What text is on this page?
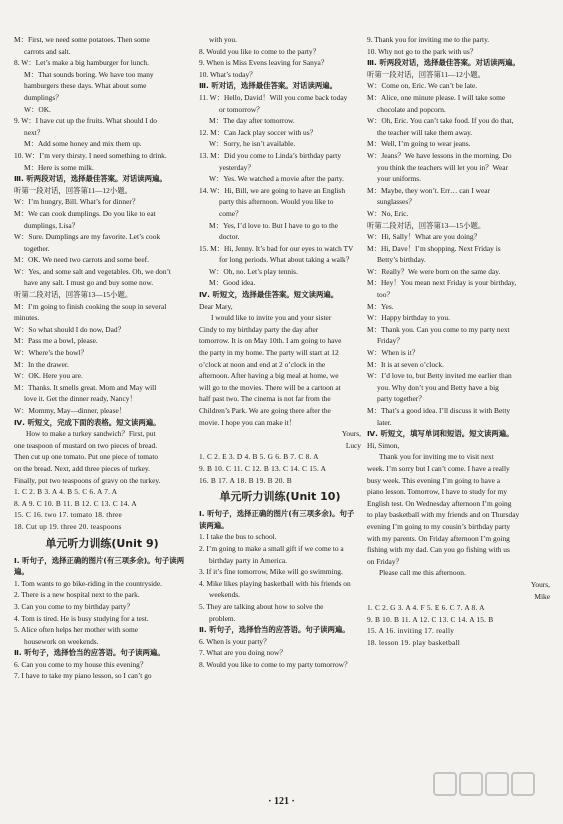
M：First, we need some potatoes. Then some

carrots and salt.

8. W：Let’s make a big hamburger for lunch.

M：That sounds boring. We have too many

hamburgers these days. What about some

dumplings？

W：OK.

9. W：I have cut up the fruits. What should I do

next？

M：Add some honey and mix them up.

10. W：I’m very thirsty. I need something to drink.

M：Here is some milk.

Ⅲ. 听两段对话，选择最佳答案。对话读两遍。

听第一段对话，回答第11—12小题。

W：I’m hungry, Bill. What’s for dinner？

M：We can cook dumplings. Do you like to eat

dumplings, Lisa？

W：Sure. Dumplings are my favorite. Let’s cook

together.

M：OK. We need two carrots and some beef.

W：Yes, and some salt and vegetables. Oh, we don’t

have any salt. I must go and buy some now.

听第二段对话，回答第13—15小题。

M：I’m going to finish cooking the soup in several minutes.

W：So what should I do now, Dad？

M：Pass me a bowl, please.

W：Where’s the bowl？

M：In the drawer.

W：OK. Here you are.

M：Thanks. It smells great. Mom and May will

love it. Get the dinner ready, Nancy！

W：Mommy, May—dinner, please！

Ⅳ. 听短文，完成下面的表格。短文读两遍。

How to make a turkey sandwich？First, put

one teaspoon of mustard on two pieces of bread.

Then cut up one tomato. Put one piece of tomato

on the bread. Next, add three pieces of turkey.

Finally, put two teaspoons of gravy on the turkey.

1. C 2. B 3. A 4. B 5. C 6. A 7. A

8. A 9. C 10. B 11. B 12. C 13. C 14. A

15. C 16. two 17. tomato 18. three

18. Cut up 19. three 20. teaspoons

单元听力训练(Unit 9)

Ⅰ. 听句子，选择正确的图片(有三项多余)。句子读两遍。

1. Tom wants to go bike-riding in the countryside.

2. There is a new hospital next to the park.

3. Can you come to my birthday party？

4. Tom is tired. He is busy studying for a test.

5. Alice often helps her mother with some

housework on weekends.

Ⅱ. 听句子，选择恰当的应答语。句子读两遍。

6. Can you come to my house this evening？

7. I have to take my piano lesson, so I can’t go

with you.

8. Would you like to come to the party？

9. When is Miss Evens leaving for Sanya？

10. What’s today？

Ⅲ. 听对话，选择最佳答案。对话读两遍。

11. W：Hello, David！Will you come back today

or tomorrow？

M：The day after tomorrow.

12. M：Can Jack play soccer with us？

W：Sorry, he isn’t available.

13. M：Did you come to Linda’s birthday party

yesterday？

W：Yes. We watched a movie after the party.

14. W：Hi, Bill, we are going to have an English

party this afternoon. Would you like to

come？

M：Yes, I’d love to. But I have to go to the

doctor.

15. M：Hi, Jenny. It’s bad for our eyes to watch TV

for long periods. What about taking a walk？

W：Oh, no. Let’s play tennis.

M：Good idea.

Ⅳ. 听短文，选择最佳答案。短文读两遍。

Dear Mary,

I would like to invite you and your sister

Cindy to my birthday party the day after

tomorrow. It is on May 10th. I am going to have

the party in my home. The party will start at 12

o’clock at noon and end at 2 o’clock in the

afternoon. After having a big meal at home, we

will go to the movies. There will be a cartoon at

half past two. The cinema is not far from the

Children’s Park. We are going there after the

movie. I hope you can make it！

Yours,

Lucy

1. C 2. E 3. D 4. B 5. G 6. B 7. C 8. A

9. B 10. C 11. C 12. B 13. C 14. C 15. A

16. B 17. A 18. B 19. B 20. B

单元听力训练(Unit 10)

Ⅰ. 听句子，选择正确的图片(有三项多余)。句子读两遍。

1. I take the bus to school.

2. I’m going to make a small gift if we come to a

birthday party in America.

3. If it’s fine tomorrow, Mike will go swimming.

4. Mike likes playing basketball with his friends on

weekends.

5. They are talking about how to solve the

problem.

Ⅱ. 听句子，选择恰当的应答语。句子读两遍。

6. When is your party？

7. What are you doing now？

8. Would you like to come to my party tomorrow？

9. Thank you for inviting me to the party.

10. Why not go to the park with us？

Ⅲ. 听两段对话，选择最佳答案。对话读两遍。

听第一段对话，回答第11—12小题。

W：Come on, Eric. We can’t be late.

M：Alice, one minute please. I will take some

chocolate and popcorn.

W：Oh, Eric. You can’t take food. If you do that,

the teacher will take them away.

M：Well, I’m going to wear jeans.

W：Jeans？We have lessons in the morning. Do

you think the teachers will let you in？Wear

your uniforms.

M：Maybe, they won’t. Err… can I wear

sunglasses？

W：No, Eric.

听第二段对话，回答第13—15小题。

W：Hi, Sally！What are you doing？

M：Hi, Dave！I’m shopping. Next Friday is

Betty’s birthday.

W：Really？We were born on the same day.

M：Hey！You mean next Friday is your birthday,

too？

M：Yes.

W：Happy birthday to you.

M：Thank you. Can you come to my party next

Friday？

W：When is it？

M：It is at seven o’clock.

W：I’d love to, but Betty invited me earlier than

you. Why don’t you and Betty have a big

party together？

M：That’s a good idea. I’ll discuss it with Betty

later.

Ⅳ. 听短文，填写单词和短语。短文读两遍。

Hi, Simon,

Thank you for inviting me to visit next

week. I’m sorry but I can’t come. I have a really

busy week. This evening I’m going to have a

piano lesson. Tomorrow, I have to study for my

English test. On Wednesday afternoon I’m going

to play basketball with my friends and on Thursday

evening I’m going to my cousin’s birthday party

with my parents. On Friday afternoon I’m going

fishing with my dad. Can you go fishing with us

on Friday？

Please call me this afternoon.

Yours,

Mike

1. C 2. G 3. A 4. F 5. E 6. C 7. A 8. A

9. B 10. B 11. A 12. C 13. C 14. A 15. B

15. A 16. inviting 17. really

18. lesson 19. play basketball

· 121 ·
